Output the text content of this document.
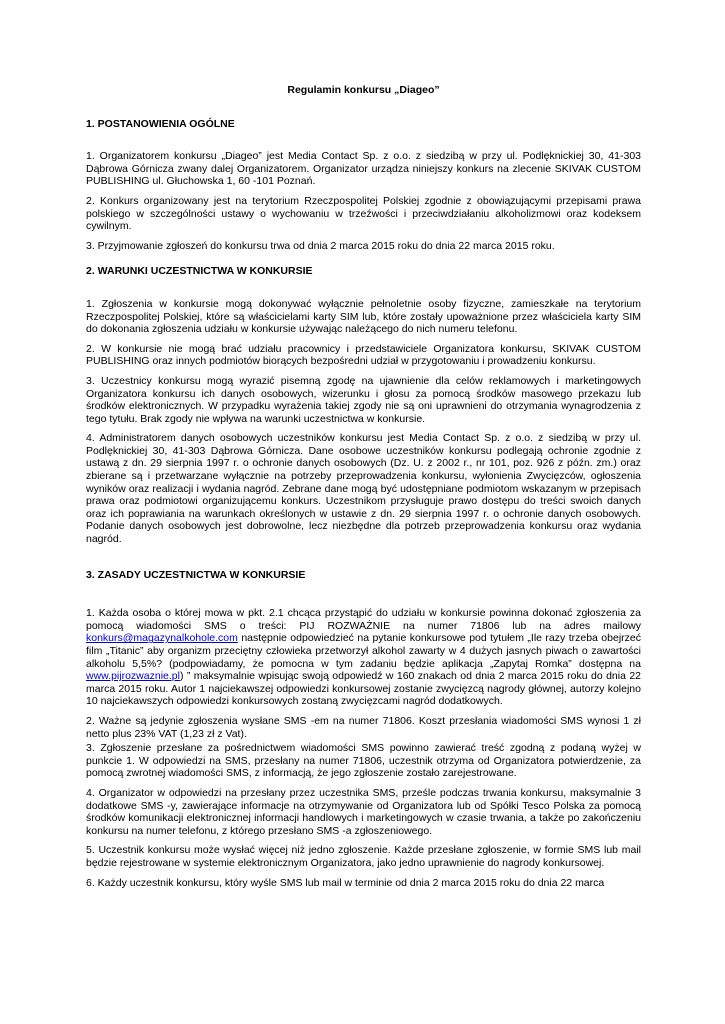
Regulamin konkursu „Diageo”
1. POSTANOWIENIA OGÓLNE

1. Organizatorem konkursu „Diageo” jest Media Contact Sp. z o.o. z siedzibą w przy ul. Podlęknickiej 30, 41-303 Dąbrowa Górnicza zwany dalej Organizatorem. Organizator urządza niniejszy konkurs na zlecenie SKIVAK CUSTOM PUBLISHING ul. Głuchowska 1, 60 -101 Poznań.

2. Konkurs organizowany jest na terytorium Rzeczpospolitej Polskiej zgodnie z obowiązującymi przepisami prawa polskiego w szczególności ustawy o wychowaniu w trzeźwości i przeciwdziałaniu alkoholizmowi oraz kodeksem cywilnym.

3. Przyjmowanie zgłoszeń do konkursu trwa od dnia 2 marca 2015 roku do dnia 22 marca 2015 roku.

2. WARUNKI UCZESTNICTWA W KONKURSIE

1. Zgłoszenia w konkursie mogą dokonywać wyłącznie pełnoletnie osoby fizyczne, zamieszkałe na terytorium Rzeczpospolitej Polskiej, które są właścicielami karty SIM lub, które zostały upoważnione przez właściciela karty SIM do dokonania zgłoszenia udziału w konkursie używając należącego do nich numeru telefonu.

2. W konkursie nie mogą brać udziału pracownicy i przedstawiciele Organizatora konkursu, SKIVAK CUSTOM PUBLISHING oraz innych podmiotów biorących bezpośredni udział w przygotowaniu i prowadzeniu konkursu.

3. Uczestnicy konkursu mogą wyrazić pisemną zgodę na ujawnienie dla celów reklamowych i marketingowych Organizatora konkursu ich danych osobowych, wizerunku i głosu za pomocą środków masowego przekazu lub środków elektronicznych. W przypadku wyrażenia takiej zgody nie są oni uprawnieni do otrzymania wynagrodzenia z tego tytułu. Brak zgody nie wpływa na warunki uczestnictwa w konkursie.

4. Administratorem danych osobowych uczestników konkursu jest Media Contact Sp. z o.o. z siedzibą w przy ul. Podlęknickiej 30, 41-303 Dąbrowa Górnicza. Dane osobowe uczestników konkursu podlegają ochronie zgodnie z ustawą z dn. 29 sierpnia 1997 r. o ochronie danych osobowych (Dz. U. z 2002 r., nr 101, poz. 926 z późn. zm.) oraz zbierane są i przetwarzane wyłącznie na potrzeby przeprowadzenia konkursu, wyłonienia Zwycięzców, ogłoszenia wyników oraz realizacji i wydania nagród. Zebrane dane mogą być udostępniane podmiotom wskazanym w przepisach prawa oraz podmiotowi organizującemu konkurs. Uczestnikom przysługuje prawo dostępu do treści swoich danych oraz ich poprawiania na warunkach określonych w ustawie z dn. 29 sierpnia 1997 r. o ochronie danych osobowych. Podanie danych osobowych jest dobrowolne, lecz niezbędne dla potrzeb przeprowadzenia konkursu oraz wydania nagród.

3. ZASADY UCZESTNICTWA W KONKURSIE

1. Każda osoba o której mowa w pkt. 2.1 chcąca przystąpić do udziału w konkursie powinna dokonać zgłoszenia za pomocą wiadomości SMS o treści: PIJ ROZWAŻNIE na numer 71806 lub na adres mailowy konkurs@magazynalkohole.com następnie odpowiedzieć na pytanie konkursowe pod tytułem „Ile razy trzeba obejrzeć film „Titanic” aby organizm przeciętny człowieka przetworzył alkohol zawarty w 4 dużych jasnych piwach o zawartości alkoholu 5,5%? (podpowiadamy, że pomocna w tym zadaniu będzie aplikacja „Zapytaj Romka” dostępna na www.pijrozwaznie.pl) ” maksymalnie wpisując swoją odpowiedź w 160 znakach od dnia 2 marca 2015 roku do dnia 22 marca 2015 roku. Autor 1 najciekawszej odpowiedzi konkursowej zostanie zwycięzcą nagrody głównej, autorzy kolejno 10 najciekawszych odpowiedzi konkursowych zostaną zwycięzcami nagród dodatkowych.

2. Ważne są jedynie zgłoszenia wysłane SMS -em na numer 71806. Koszt przesłania wiadomości SMS wynosi 1 zł netto plus 23% VAT (1,23 zł z Vat).

3. Zgłoszenie przesłane za pośrednictwem wiadomości SMS powinno zawierać treść zgodną z podaną wyżej w punkcie 1. W odpowiedzi na SMS, przesłany na numer 71806, uczestnik otrzyma od Organizatora potwierdzenie, za pomocą zwrotnej wiadomości SMS, z informacją, że jego zgłoszenie zostało zarejestrowane.

4. Organizator w odpowiedzi na przesłany przez uczestnika SMS, prześle podczas trwania konkursu, maksymalnie 3 dodatkowe SMS -y, zawierające informacje na otrzymywanie od Organizatora lub od Spółki Tesco Polska za pomocą środków komunikacji elektronicznej informacji handlowych i marketingowych w czasie trwania, a także po zakończeniu konkursu na numer telefonu, z którego przesłano SMS -a zgłoszeniowego.

5. Uczestnik konkursu może wysłać więcej niż jedno zgłoszenie. Każde przesłane zgłoszenie, w formie SMS lub mail będzie rejestrowane w systemie elektronicznym Organizatora, jako jedno uprawnienie do nagrody konkursowej.

6. Każdy uczestnik konkursu, który wyśle SMS lub mail w terminie od dnia 2 marca 2015 roku do dnia 22 marca
